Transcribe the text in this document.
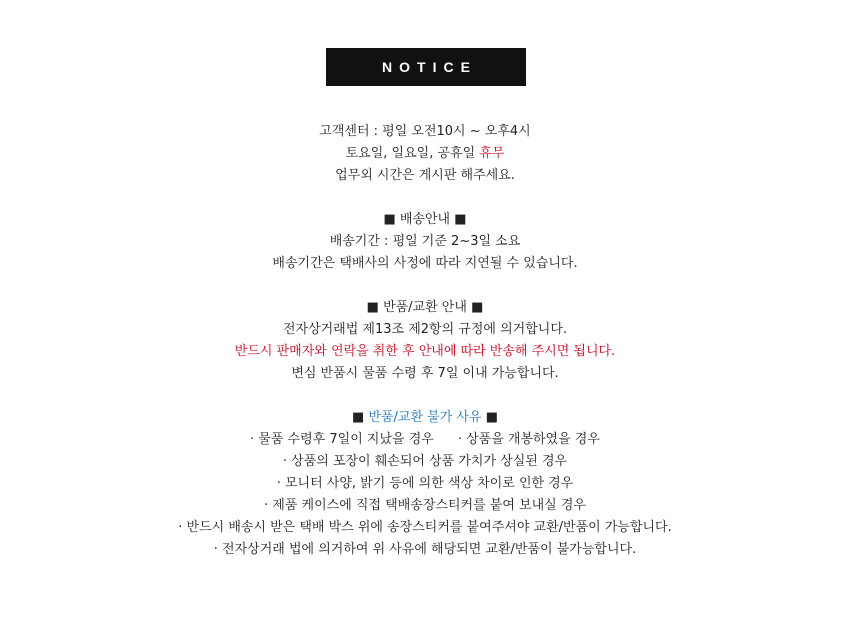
NOTICE
고객센터 : 평일 오전10시 ~ 오후4시
토요일, 일요일, 공휴일 휴무
업무외 시간은 게시판 해주세요.
■ 배송안내 ■
배송기간 : 평일 기준 2~3일 소요
배송기간은 택배사의 사정에 따라 지연될 수 있습니다.
■ 반품/교환 안내 ■
전자상거래법 제13조 제2항의 규정에 의거합니다.
반드시 판매자와 연락을 취한 후 안내에 따라 반송해 주시면 됩니다.
변심 반품시 물품 수령 후 7일 이내 가능합니다.
■ 반품/교환 불가 사유 ■
· 물품 수령후 7일이 지났을 경우 · 상품을 개봉하였을 경우
· 상품의 포장이 훼손되어 상품 가치가 상실된 경우
· 모니터 사양, 밝기 등에 의한 색상 차이로 인한 경우
· 제품 케이스에 직접 택배송장스티커를 붙여 보내실 경우
· 반드시 배송시 받은 택배 박스 위에 송장스티커를 붙여주셔야 교환/반품이 가능합니다.
· 전자상거래 법에 의거하여 위 사유에 해당되면 교환/반품이 불가능합니다.
